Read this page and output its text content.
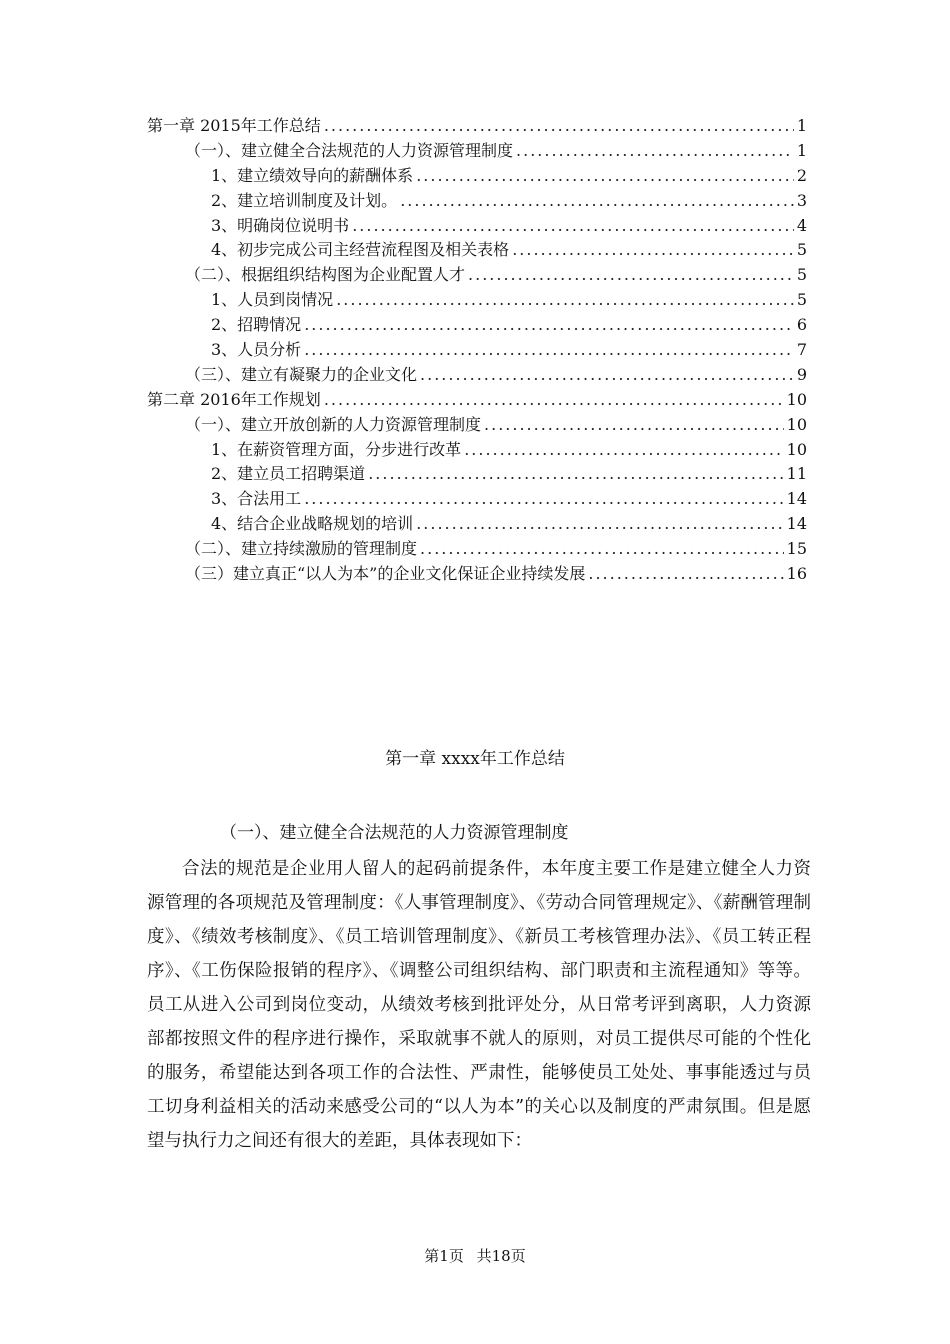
第一章 2015年工作总结 .....	1
（一）、建立健全合法规范的人力资源管理制度 .....	1
1、建立绩效导向的薪酬体系 .....	2
2、建立培训制度及计划。 .....	3
3、明确岗位说明书 .....	4
4、初步完成公司主经营流程图及相关表格 .....	5
（二）、根据组织结构图为企业配置人才 .....	5
1、人员到岗情况 .....	5
2、招聘情况 .....	6
3、人员分析 .....	7
（三）、建立有凝聚力的企业文化 .....	9
第二章 2016年工作规划 .....	10
（一）、建立开放创新的人力资源管理制度 .....	10
1、在薪资管理方面，分步进行改革 .....	10
2、建立员工招聘渠道 .....	11
3、合法用工 .....	14
4、结合企业战略规划的培训 .....	14
（二）、建立持续激励的管理制度 .....	15
（三）建立真正“以人为本”的企业文化保证企业持续发展 .....	16
第一章 xxxx年工作总结
（一）、建立健全合法规范的人力资源管理制度

合法的规范是企业用人留人的起码前提条件，本年度主要工作是建立健全人力资源管理的各项规范及管理制度：《人事管理制度》、《劳动合同管理规定》、《薪酬管理制度》、《绩效考核制度》、《员工培训管理制度》、《新员工考核管理办法》、《员工转正程序》、《工伤保险报销的程序》、《调整公司组织结构、部门职责和主流程通知》等等。员工从进入公司到岗位变动，从绩效考核到批评处分，从日常考评到离职，人力资源部都按照文件的程序进行操作，采取就事不就人的原则，对员工提供尽可能的个性化的服务，希望能达到各项工作的合法性、严肃性，能够使员工处处、事事能透过与员工切身利益相关的活动来感受公司的“以人为本”的关心以及制度的严肃氛围。但是愿望与执行力之间还有很大的差距，具体表现如下：

第1页 共18页
